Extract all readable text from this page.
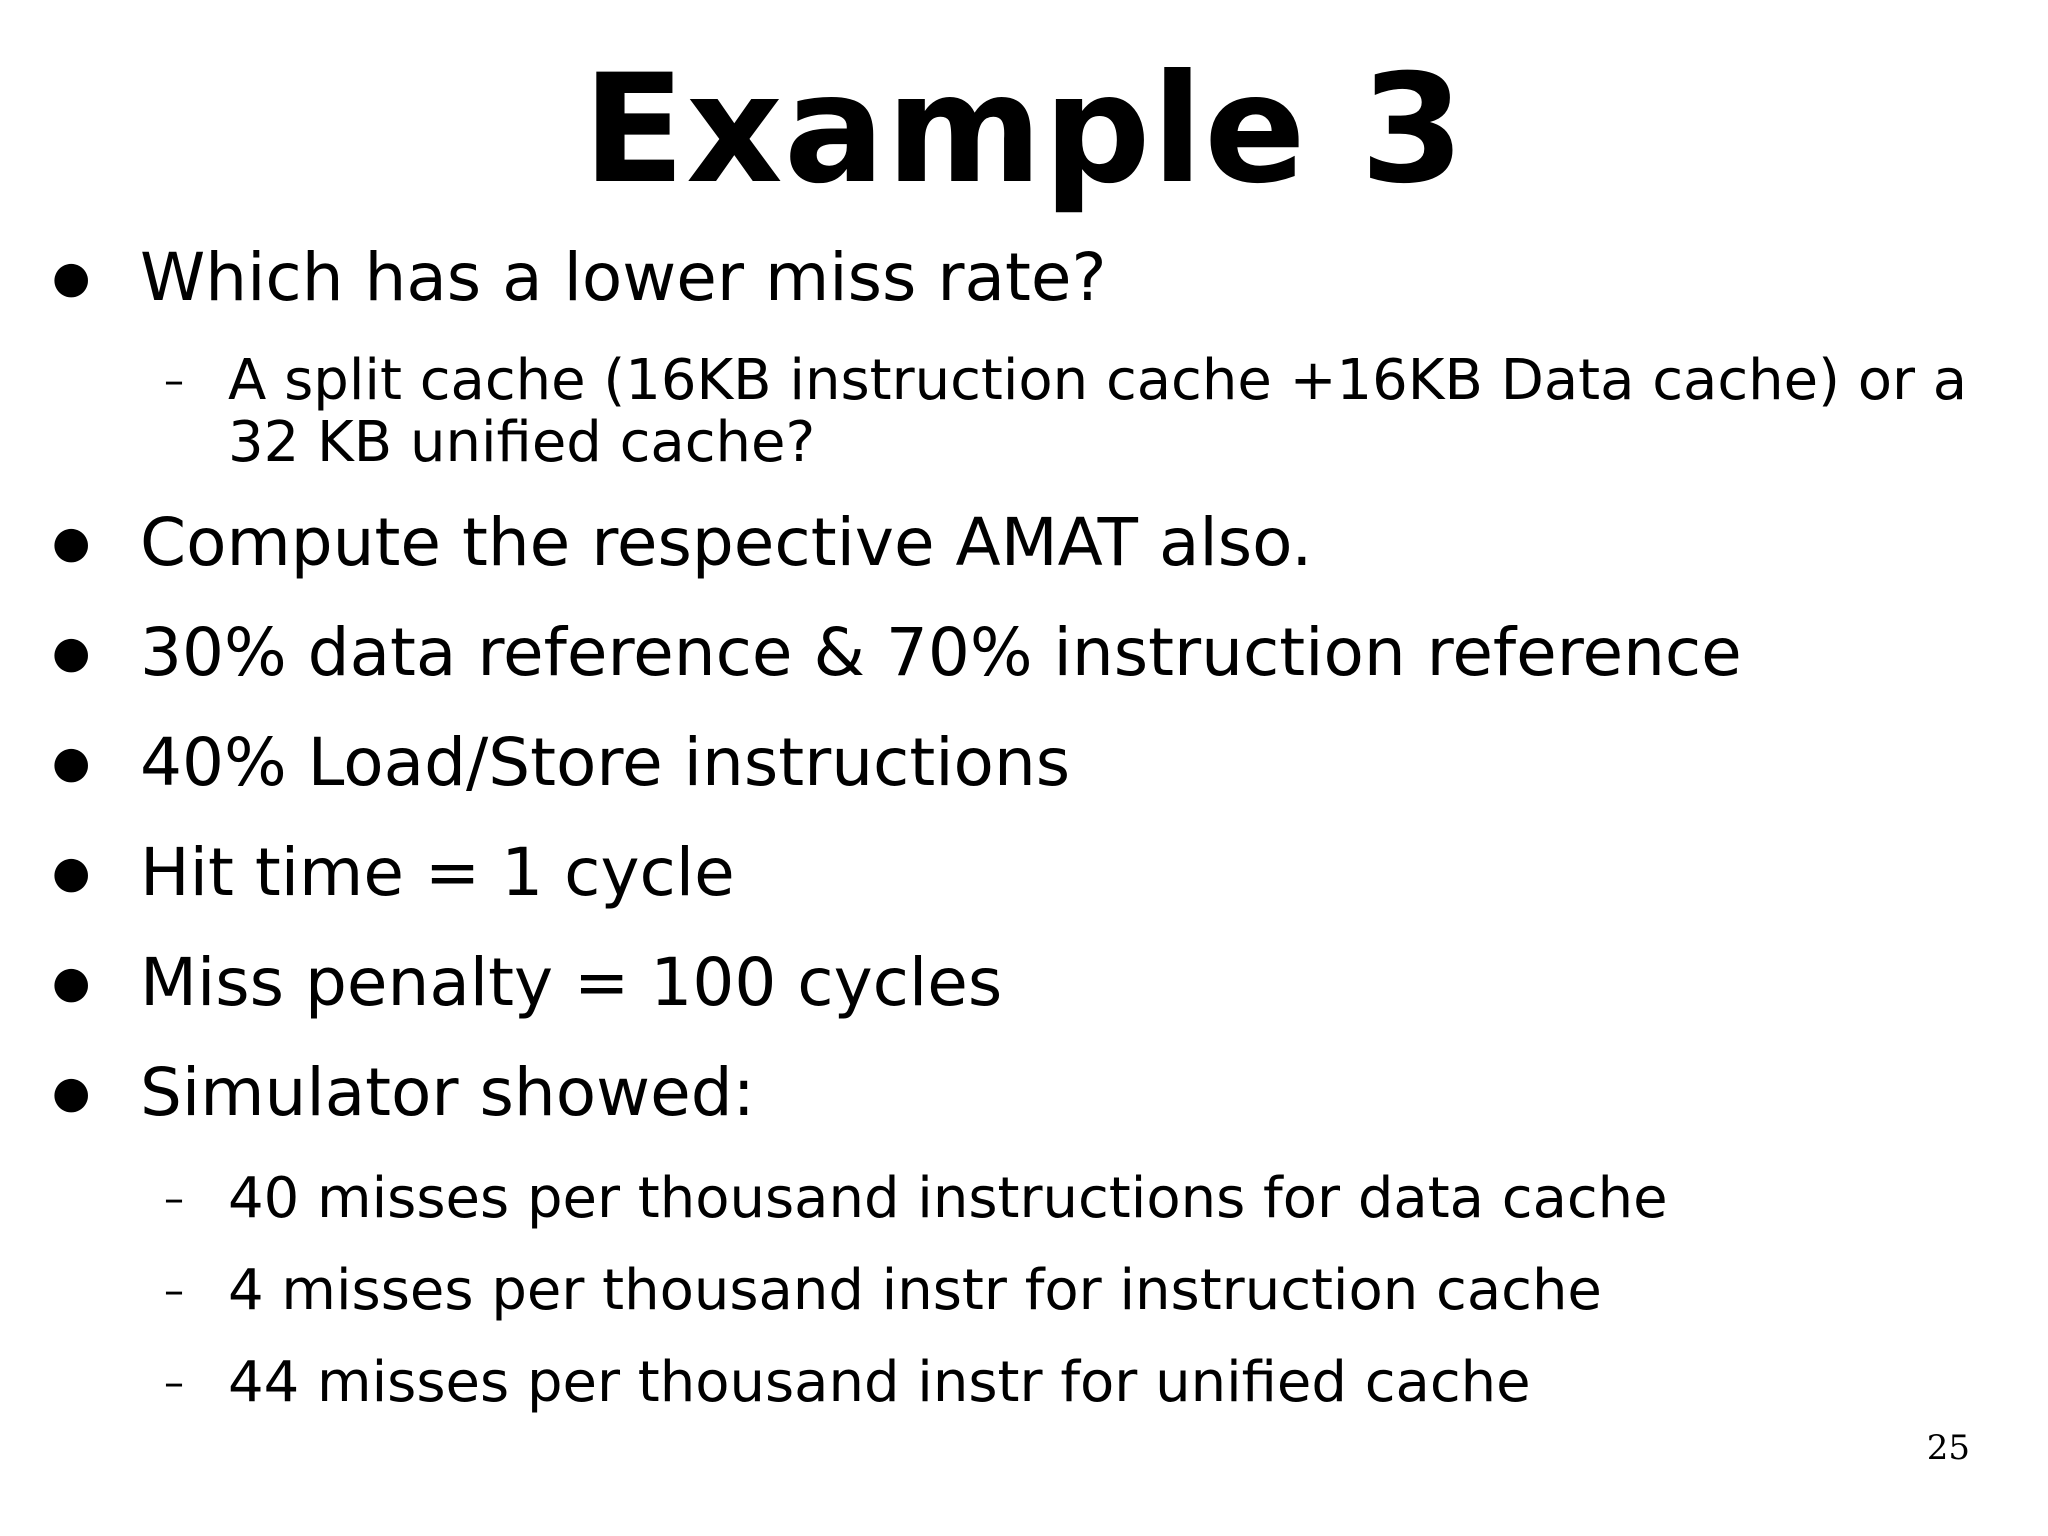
Example 3
● Which has a lower miss rate?
– A split cache (16KB instruction cache +16KB Data cache) or a
32 KB unified cache?
● Compute the respective AMAT also.
● 30% data reference & 70% instruction reference
● 40% Load/Store instructions
● Hit time = 1 cycle
● Miss penalty = 100 cycles
● Simulator showed:
– 40 misses per thousand instructions for data cache
– 4 misses per thousand instr for instruction cache
– 44 misses per thousand instr for unified cache
25
